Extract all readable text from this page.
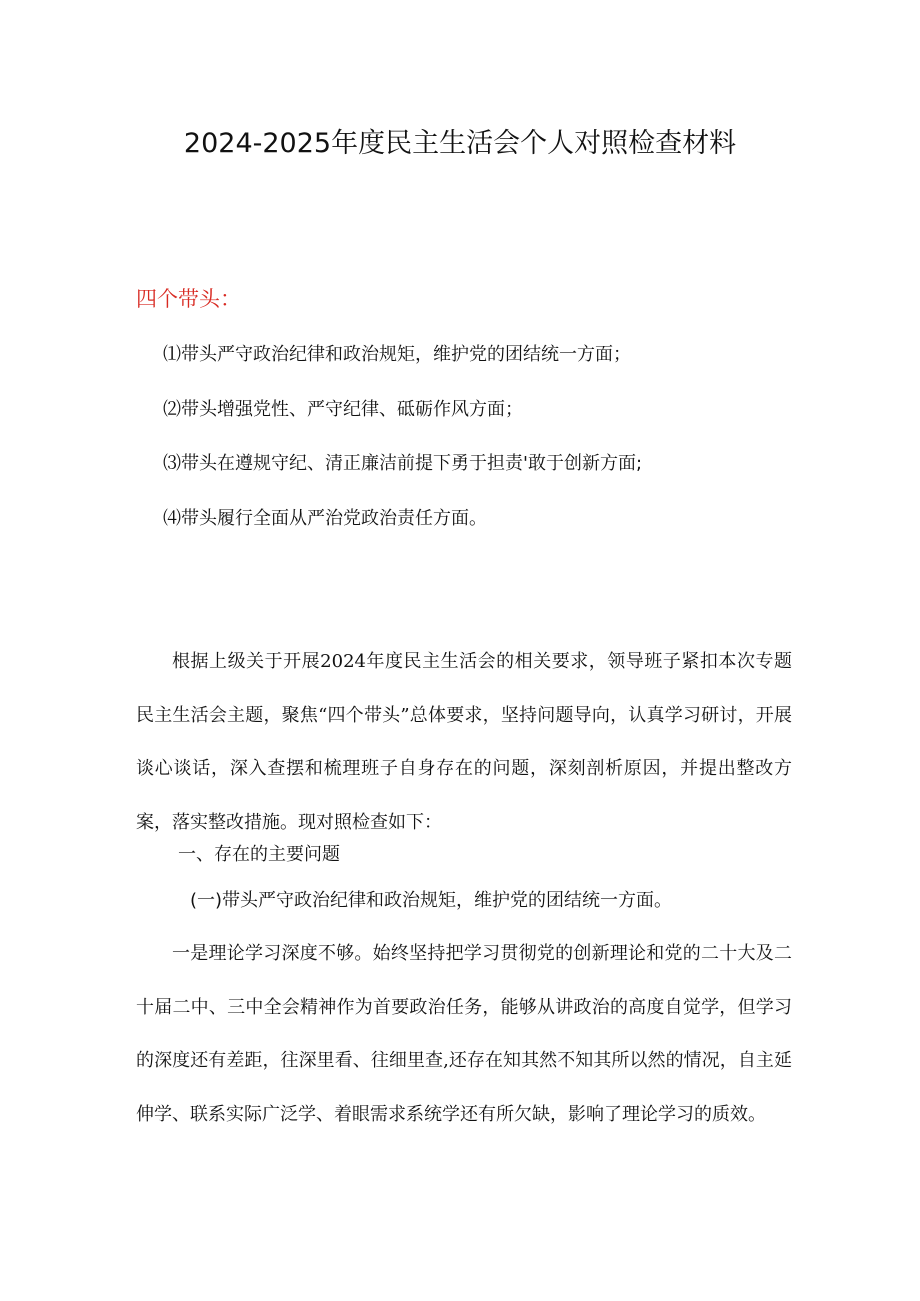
2024-2025年度民主生活会个人对照检查材料
四个带头：
⑴带头严守政治纪律和政治规矩，维护党的团结统一方面；
⑵带头增强党性、严守纪律、砥砺作风方面；
⑶带头在遵规守纪、清正廉洁前提下勇于担责'敢于创新方面;
⑷带头履行全面从严治党政治责任方面。

根据上级关于开展2024年度民主生活会的相关要求，领导班子紧扣本次专题民主生活会主题，聚焦“四个带头”总体要求，坚持问题导向，认真学习研讨，开展谈心谈话，深入查摆和梳理班子自身存在的问题，深刻剖析原因，并提出整改方案，落实整改措施。现对照检查如下：

一、存在的主要问题
(一)带头严守政治纪律和政治规矩，维护党的团结统一方面。

一是理论学习深度不够。始终坚持把学习贯彻党的创新理论和党的二十大及二十届二中、三中全会精神作为首要政治任务，能够从讲政治的高度自觉学，但学习的深度还有差距，往深里看、往细里查,还存在知其然不知其所以然的情况，自主延伸学、联系实际广泛学、着眼需求系统学还有所欠缺，影响了理论学习的质效。
